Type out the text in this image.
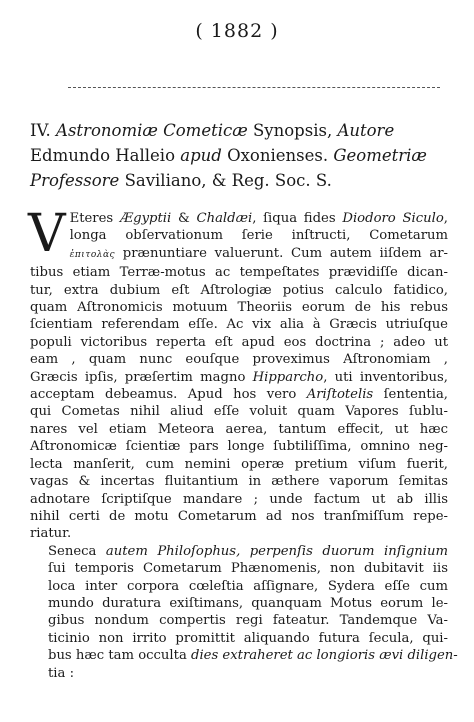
( 1882 )
IV. Astronomiæ Cometicæ Synopsis, Autore Edmundo Halleio apud Oxonienses. Geometriæ Professore Saviliano, & Reg. Soc. S.

V Eteres Ægyptii & Chaldæi, ſiqua fides Diodoro Siculo,
longa obſervationum ſerie inſtructi, Cometarum
ἐπιτολὰς prænuntiare valuerunt. Cum autem iiſdem ar-
tibus etiam Terræ-motus ac tempeſtates prævidiſſe dican-
tur, extra dubium eſt Aſtrologiæ potius calculo fatidico,
quam Aſtronomicis motuum Theoriis eorum de his rebus
ſcientiam referendam eſſe. Ac vix alia à Græcis utriuſque
populi victoribus reperta eſt apud eos doctrina ; adeo ut
eam , quam nunc eouſque proveximus Aſtronomiam ,
Græcis ipſis, præſertim magno Hipparcho, uti inventoribus,
acceptam debeamus. Apud hos vero Ariſtotelis ſententia,
qui Cometas nihil aliud eſſe voluit quam Vapores ſublu-
nares vel etiam Meteora aerea, tantum effecit, ut hæc
Aſtronomicæ ſcientiæ pars longe ſubtiliſſima, omnino neg-
lecta manſerit, cum nemini operæ pretium viſum fuerit,
vagas & incertas fluitantium in æthere vaporum ſemitas
adnotare ſcriptiſque mandare ; unde factum ut ab illis
nihil certi de motu Cometarum ad nos tranſmiſſum repe-
riatur.

Seneca autem Philoſophus, perpenſis duorum inſignium
ſui temporis Cometarum Phænomenis, non dubitavit iis
loca inter corpora cœleſtia aſſignare, Sydera eſſe cum
mundo duratura exiſtimans, quanquam Motus eorum le-
gibus nondum compertis regi fateatur. Tandemque Va-
ticinio non irrito promittit aliquando futura ſecula, qui-
bus hæc tam occulta dies extraheret ac longioris ævi diligen-
tia :
